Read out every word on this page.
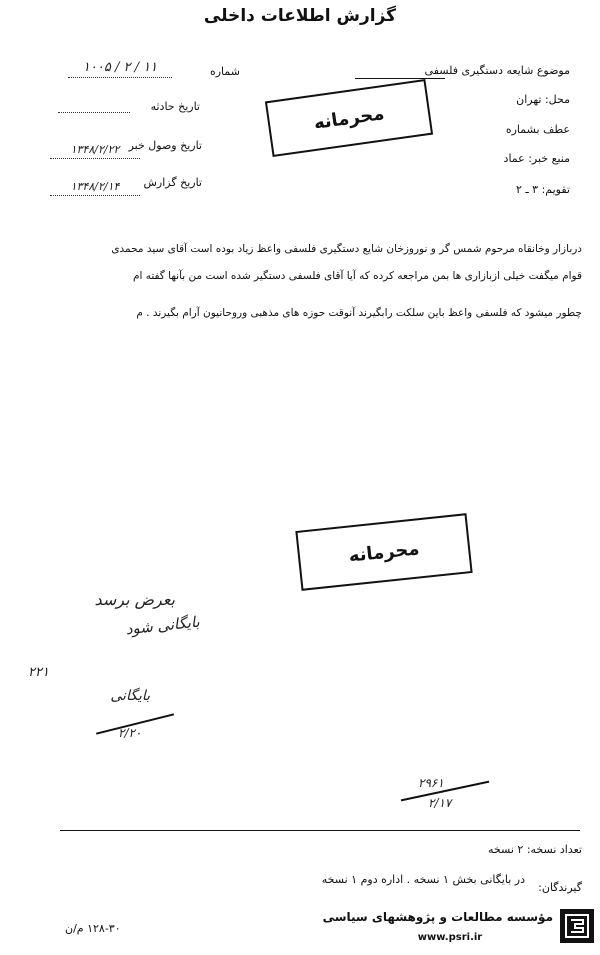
گزارش اطلاعات داخلی
شماره
۱۰۰۵ / ۲ / ۱۱
تاریخ حادثه
تاریخ وصول خبر
۱۳۴۸/۲/۲۲
تاریخ گزارش
۱۳۴۸/۲/۱۴
موضوع شایعه دستگیری فلسفی
محل: تهران
عطف بشماره
منبع خبر: عماد
تقویم: ۳ ـ ۲
محرمانه
دربازار وخانقاه مرحوم شمس گر و نوروزخان شایع دستگیری فلسفی واعظ زیاد بوده است آقای سید محمدی
قوام میگفت خیلی ازبازاری ها بمن مراجعه کرده که آیا آقای فلسفی دستگیر شده است من بآنها گفته ام
چطور میشود که فلسفی واعظ باین سلکت رابگیرند آنوقت حوزه های مذهبی وروحانیون آرام بگیرند . م
محرمانه
بعرض برسد
بایگانی شود
۲۲۱
بایگانی
۲/۲۰
۲۹۶۱
۲/۱۷
تعداد نسخه: ۲ نسخه
در بایگانی بخش ۱ نسخه . اداره دوم ۱ نسخه
گیرندگان:
۱۲۸-۳۰ م/ن
مؤسسه مطالعات و پژوهشهای سیاسی
www.psri.ir
